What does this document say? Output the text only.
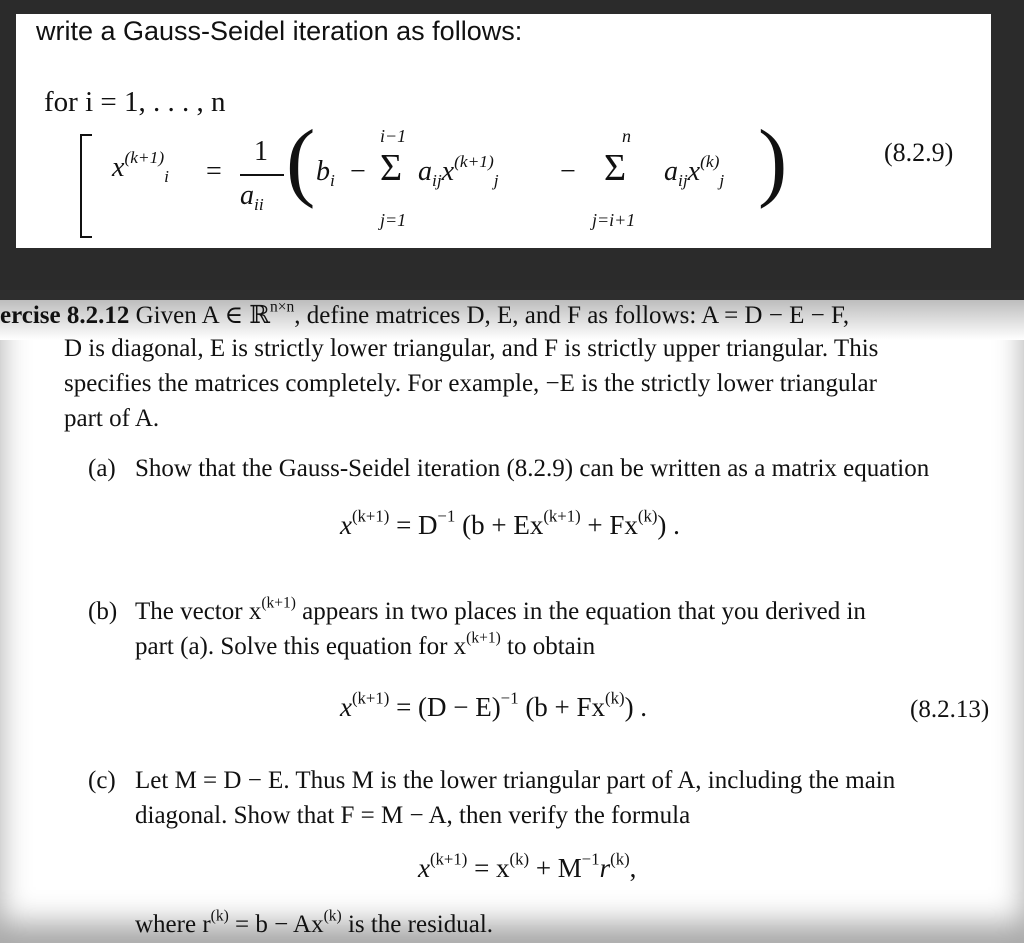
write a Gauss-Seidel iteration as follows:
for i = 1, . . . , n
$x^{(k+1)}_i$ =
1
$a_{ii}$ ( $b_i$ −
i−1
Σ
j=1
$a_{ij}x^{(k+1)}_j$ −
n
Σ
j=i+1
$a_{ij}x^{(k)}_j$ )	(8.2.9)
ercise 8.2.12 Given A ∈ ℝ$^{n\times n}$, define matrices D, E, and F as follows: A = D − E − F,
D is diagonal, E is strictly lower triangular, and F is strictly upper triangular. This
specifies the matrices completely. For example, −E is the strictly lower triangular
part of A.
(a) Show that the Gauss-Seidel iteration (8.2.9) can be written as a matrix equation
$x^{(k+1)} = D^{-1}$ $(b + Ex^{(k+1)} + Fx^{(k)})$ .
(b) The vector $x^{(k+1)}$ appears in two places in the equation that you derived in
part (a). Solve this equation for $x^{(k+1)}$ to obtain
$x^{(k+1)} = (D - E)^{-1}$ $(b + Fx^{(k)})$ .	(8.2.13)
(c) Let M = D − E. Thus M is the lower triangular part of A, including the main
diagonal. Show that F = M − A, then verify the formula
$x^{(k+1)} = x^{(k)} + M^{-1}r^{(k)}$,
where $r^{(k)} = b - Ax^{(k)}$ is the residual.
